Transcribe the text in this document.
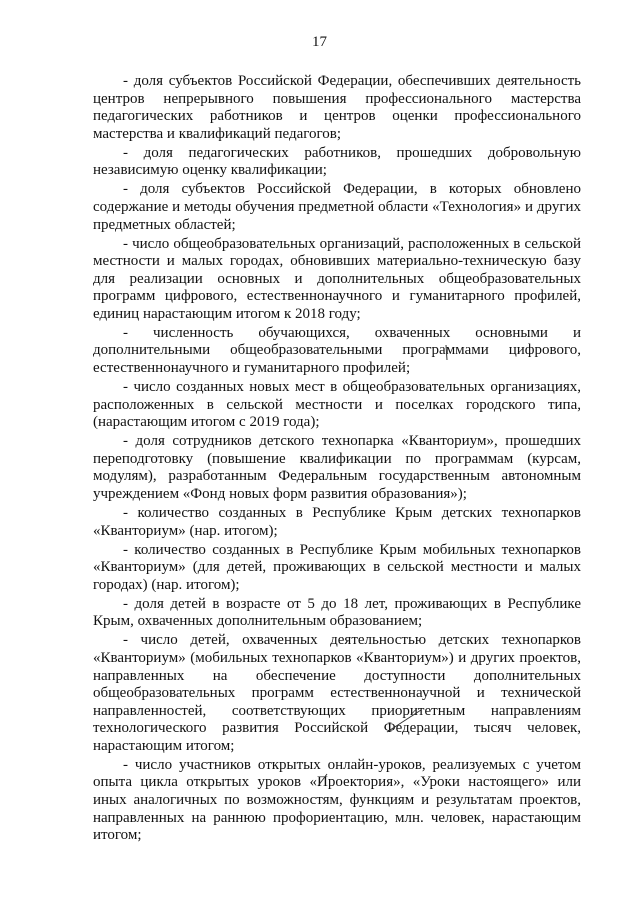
17

- доля субъектов Российской Федерации, обеспечивших деятельность центров непрерывного повышения профессионального мастерства педагогических работников и центров оценки профессионального мастерства и квалификаций педагогов;

- доля педагогических работников, прошедших добровольную независимую оценку квалификации;

- доля субъектов Российской Федерации, в которых обновлено содержание и методы обучения предметной области «Технология» и других предметных областей;

- число общеобразовательных организаций, расположенных в сельской местности и малых городах, обновивших материально-техническую базу для реализации основных и дополнительных общеобразовательных программ цифрового, естественнонаучного и гуманитарного профилей, единиц нарастающим итогом к 2018 году;

- численность обучающихся, охваченных основными и дополнительными общеобразовательными программами цифрового, естественнонаучного и гуманитарного профилей;

- число созданных новых мест в общеобразовательных организациях, расположенных в сельской местности и поселках городского типа, (нарастающим итогом с 2019 года);

- доля сотрудников детского технопарка «Кванториум», прошедших переподготовку (повышение квалификации по программам (курсам, модулям), разработанным Федеральным государственным автономным учреждением «Фонд новых форм развития образования»);

- количество созданных в Республике Крым детских технопарков «Кванториум» (нар. итогом);

- количество созданных в Республике Крым мобильных технопарков «Кванториум» (для детей, проживающих в сельской местности и малых городах) (нар. итогом);

- доля детей в возрасте от 5 до 18 лет, проживающих в Республике Крым, охваченных дополнительным образованием;

- число детей, охваченных деятельностью детских технопарков «Кванториум» (мобильных технопарков «Кванториум») и других проектов, направленных на обеспечение доступности дополнительных общеобразовательных программ естественнонаучной и технической направленностей, соответствующих приоритетным направлениям технологического развития Российской Федерации, тысяч человек, нарастающим итогом;

- число участников открытых онлайн-уроков, реализуемых с учетом опыта цикла открытых уроков «Проектория», «Уроки настоящего» или иных аналогичных по возможностям, функциям и результатам проектов, направленных на раннюю профориентацию, млн. человек, нарастающим итогом;
